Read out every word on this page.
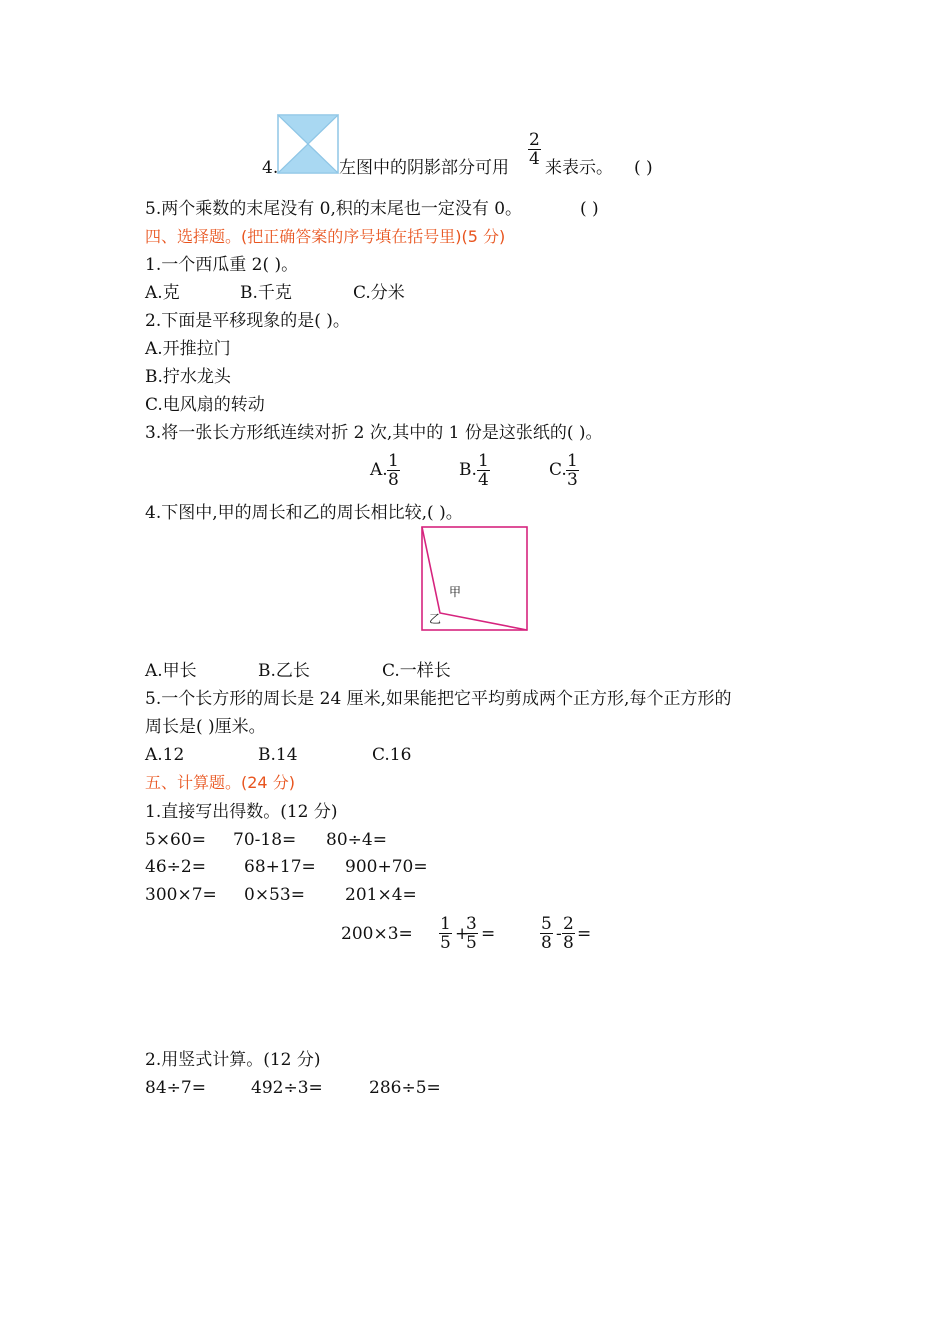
4.	左图中的阴影部分可用 $\frac{2}{4}$ 来表示。 ( )
5.两个乘数的末尾没有 0,积的末尾也一定没有 0。	( )
四、选择题。(把正确答案的序号填在括号里)(5 分)
1.一个西瓜重 2( )。
A.克	B.千克	C.分米
2.下面是平移现象的是( )。
A.开推拉门
B.拧水龙头
C.电风扇的转动
3.将一张长方形纸连续对折 2 次,其中的 1 份是这张纸的( )。
A. $\frac{1}{8}$	B. $\frac{1}{4}$	C. $\frac{1}{3}$
4.下图中,甲的周长和乙的周长相比较,( )。
甲
乙
A.甲长	B.乙长	C.一样长
5.一个长方形的周长是 24 厘米,如果能把它平均剪成两个正方形,每个正方形的
周长是( )厘米。
A.12	B.14	C.16
五、计算题。(24 分)
1.直接写出得数。(12 分)
5×60= 70-18= 80÷4=
46÷2= 68+17= 900+70=
300×7= 0×53= 201×4=
$200\times 3= \frac{1}{5}$ +
$\frac{3}{5}$ =	$\frac{5}{8} - \frac{2}{8}$ =
2.用竖式计算。(12 分)
84÷7=	492÷3=	286÷5=
